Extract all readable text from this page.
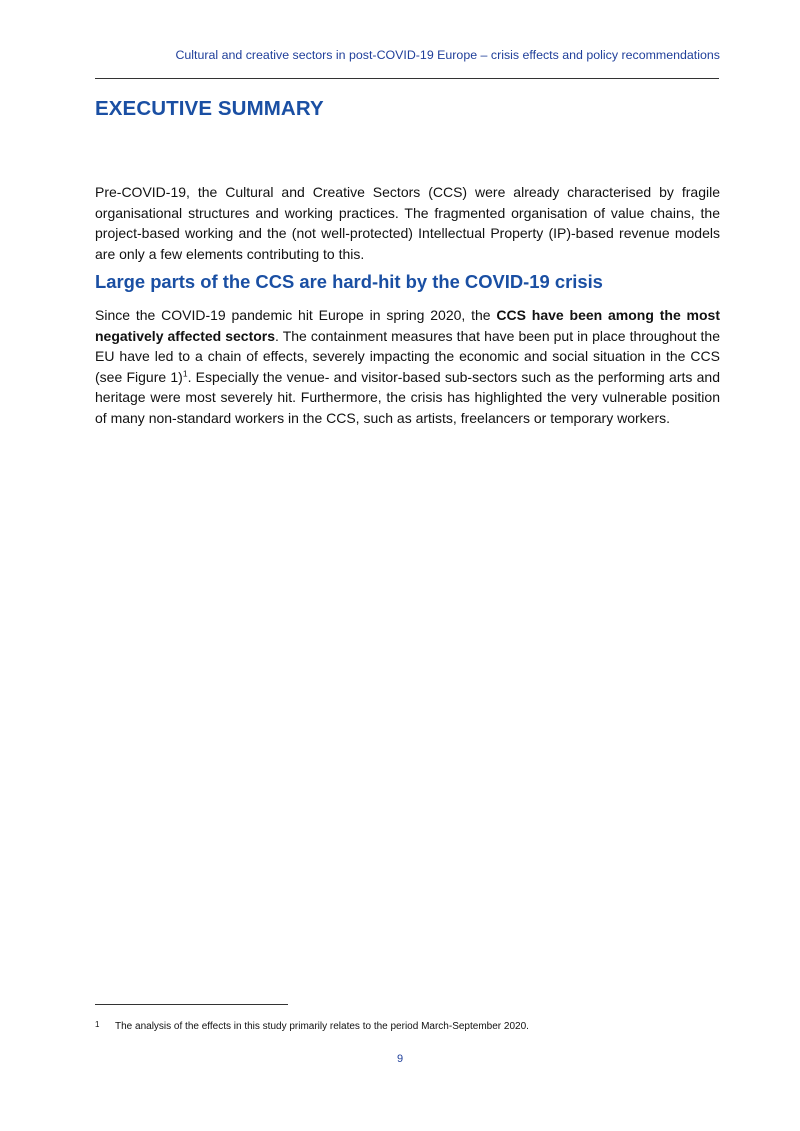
Cultural and creative sectors in post-COVID-19 Europe – crisis effects and policy recommendations
EXECUTIVE SUMMARY

Pre-COVID-19, the Cultural and Creative Sectors (CCS) were already characterised by fragile organisational structures and working practices. The fragmented organisation of value chains, the project-based working and the (not well-protected) Intellectual Property (IP)-based revenue models are only a few elements contributing to this.

Large parts of the CCS are hard-hit by the COVID-19 crisis

Since the COVID-19 pandemic hit Europe in spring 2020, the CCS have been among the most negatively affected sectors. The containment measures that have been put in place throughout the EU have led to a chain of effects, severely impacting the economic and social situation in the CCS (see Figure 1)$^1$. Especially the venue- and visitor-based sub-sectors such as the performing arts and heritage were most severely hit. Furthermore, the crisis has highlighted the very vulnerable position of many non-standard workers in the CCS, such as artists, freelancers or temporary workers.

1 The analysis of the effects in this study primarily relates to the period March-September 2020.
9
